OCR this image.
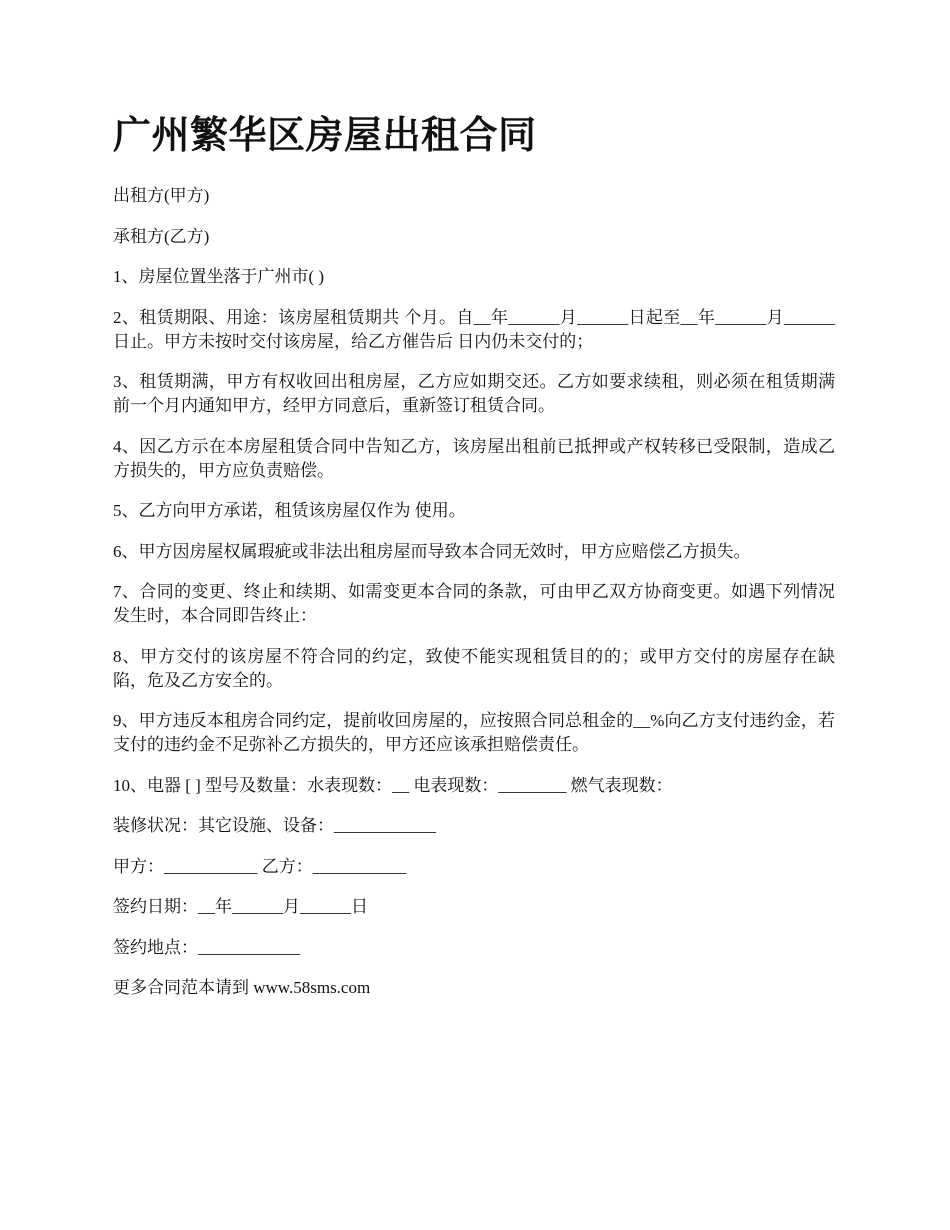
广州繁华区房屋出租合同

出租方(甲方)

承租方(乙方)

1、房屋位置坐落于广州市( )

2、租赁期限、用途：该房屋租赁期共 个月。自__年______月______日起至__年______月______日止。甲方未按时交付该房屋，给乙方催告后 日内仍未交付的；

3、租赁期满，甲方有权收回出租房屋，乙方应如期交还。乙方如要求续租，则必须在租赁期满前一个月内通知甲方，经甲方同意后，重新签订租赁合同。

4、因乙方示在本房屋租赁合同中告知乙方，该房屋出租前已抵押或产权转移已受限制，造成乙方损失的，甲方应负责赔偿。

5、乙方向甲方承诺，租赁该房屋仅作为 使用。

6、甲方因房屋权属瑕疵或非法出租房屋而导致本合同无效时，甲方应赔偿乙方损失。

7、合同的变更、终止和续期、如需变更本合同的条款，可由甲乙双方协商变更。如遇下列情况发生时，本合同即告终止：

8、甲方交付的该房屋不符合同的约定，致使不能实现租赁目的的；或甲方交付的房屋存在缺陷，危及乙方安全的。

9、甲方违反本租房合同约定，提前收回房屋的，应按照合同总租金的__%向乙方支付违约金，若支付的违约金不足弥补乙方损失的，甲方还应该承担赔偿责任。

10、电器 [ ] 型号及数量：水表现数：__ 电表现数：________ 燃气表现数：

装修状况：其它设施、设备：____________

甲方：___________ 乙方：___________

签约日期：__年______月______日

签约地点：____________

更多合同范本请到 www.58sms.com
